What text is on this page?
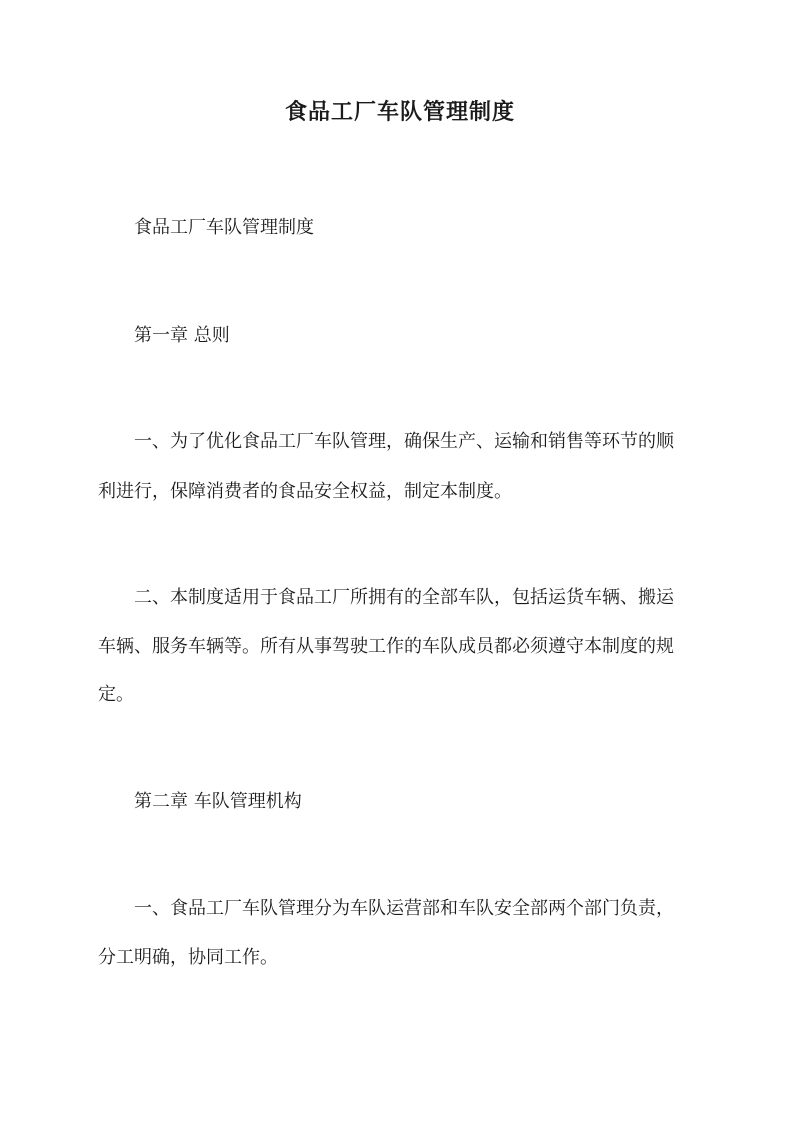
食品工厂车队管理制度
食品工厂车队管理制度
第一章 总则
一、为了优化食品工厂车队管理，确保生产、运输和销售等环节的顺
利进行，保障消费者的食品安全权益，制定本制度。
二、本制度适用于食品工厂所拥有的全部车队，包括运货车辆、搬运
车辆、服务车辆等。所有从事驾驶工作的车队成员都必须遵守本制度的规
定。
第二章 车队管理机构
一、食品工厂车队管理分为车队运营部和车队安全部两个部门负责，
分工明确，协同工作。
